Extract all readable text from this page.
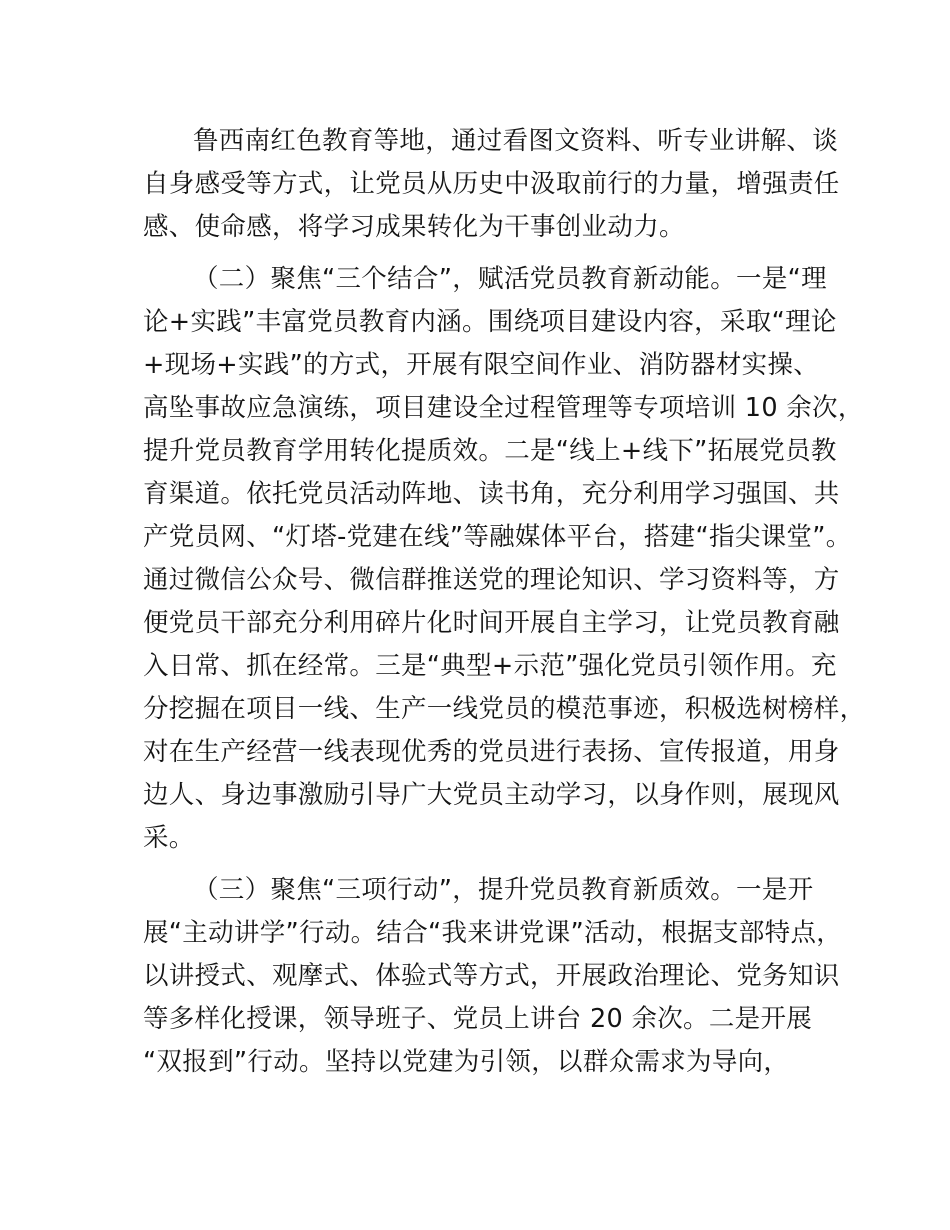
鲁西南红色教育等地，通过看图文资料、听专业讲解、谈
自身感受等方式，让党员从历史中汲取前行的力量，增强责任
感、使命感，将学习成果转化为干事创业动力。
（二）聚焦“三个结合”，赋活党员教育新动能。一是“理
论+实践”丰富党员教育内涵。围绕项目建设内容，采取“理论
+现场+实践”的方式，开展有限空间作业、消防器材实操、
高坠事故应急演练，项目建设全过程管理等专项培训 10 余次，
提升党员教育学用转化提质效。二是“线上+线下”拓展党员教
育渠道。依托党员活动阵地、读书角，充分利用学习强国、共
产党员网、“灯塔-党建在线”等融媒体平台，搭建“指尖课堂”。
通过微信公众号、微信群推送党的理论知识、学习资料等，方
便党员干部充分利用碎片化时间开展自主学习，让党员教育融
入日常、抓在经常。三是“典型+示范”强化党员引领作用。充
分挖掘在项目一线、生产一线党员的模范事迹，积极选树榜样，
对在生产经营一线表现优秀的党员进行表扬、宣传报道，用身
边人、身边事激励引导广大党员主动学习，以身作则，展现风
采。
（三）聚焦“三项行动”，提升党员教育新质效。一是开
展“主动讲学”行动。结合“我来讲党课”活动，根据支部特点，
以讲授式、观摩式、体验式等方式，开展政治理论、党务知识
等多样化授课，领导班子、党员上讲台 20 余次。二是开展
“双报到”行动。坚持以党建为引领，以群众需求为导向，
